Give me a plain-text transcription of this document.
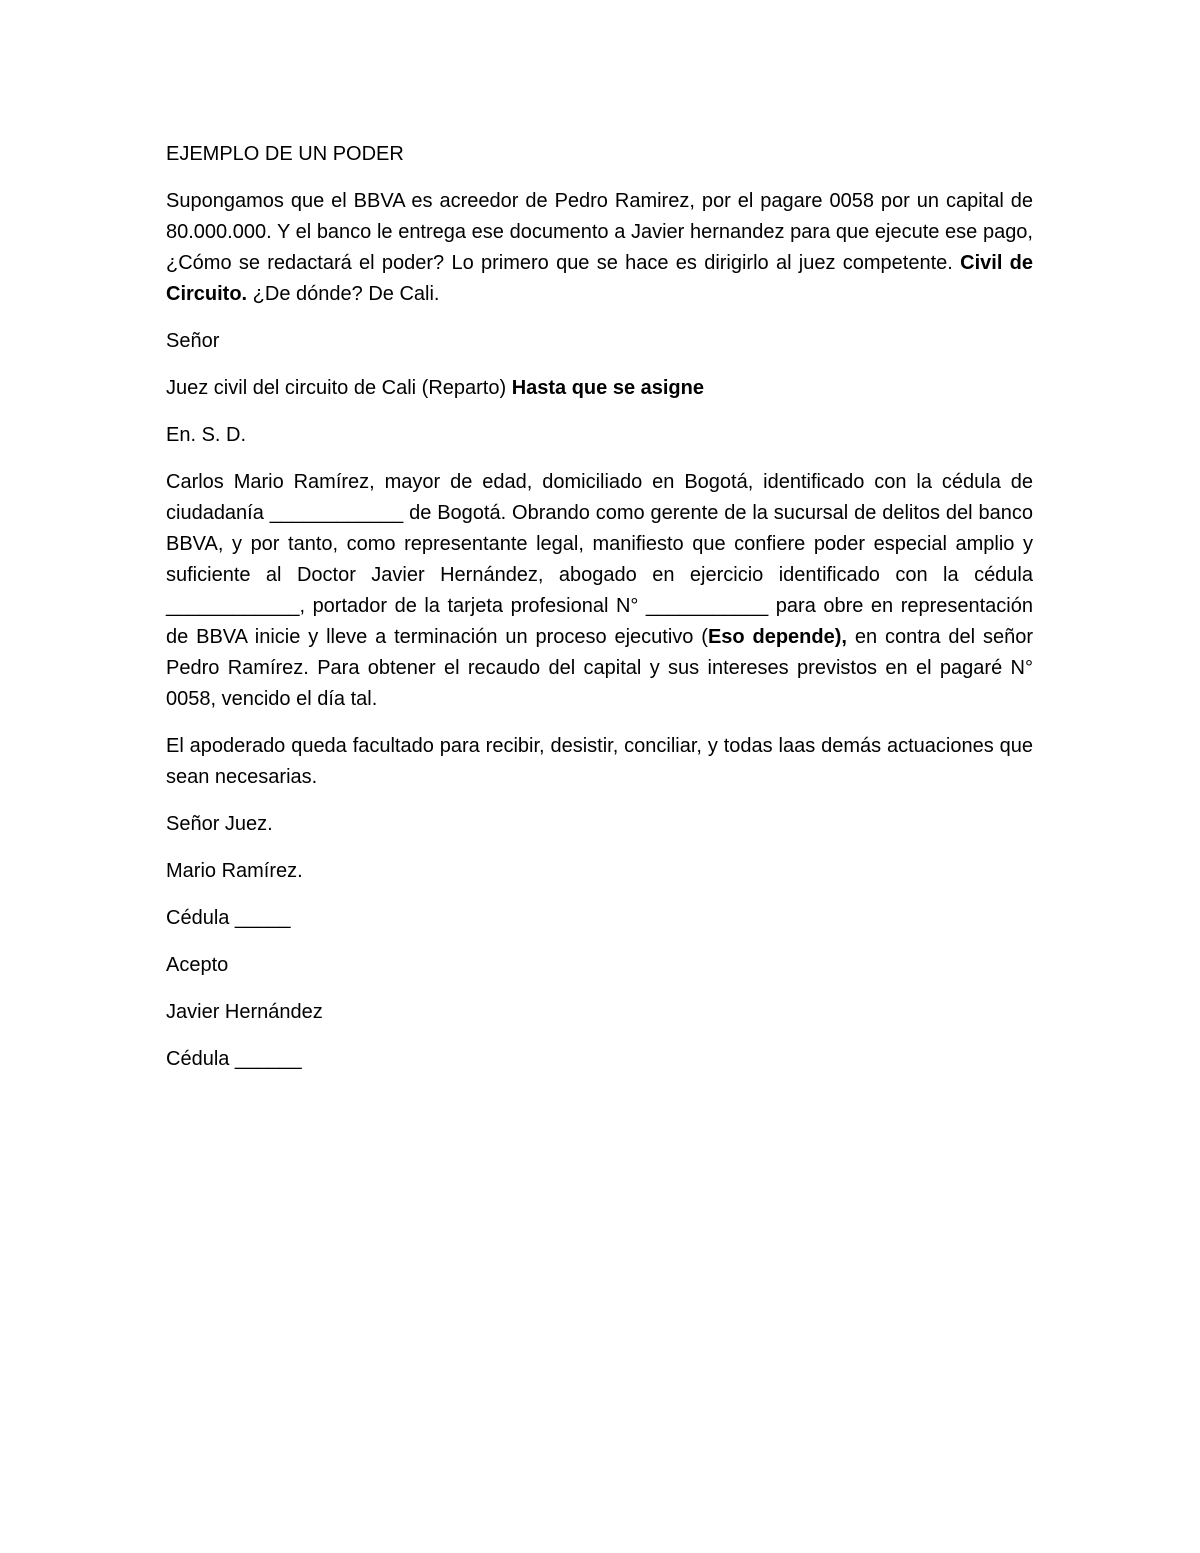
EJEMPLO DE UN PODER

Supongamos que el BBVA es acreedor de Pedro Ramirez, por el pagare 0058 por un capital de 80.000.000. Y el banco le entrega ese documento a Javier hernandez para que ejecute ese pago, ¿Cómo se redactará el poder? Lo primero que se hace es dirigirlo al juez competente. Civil de Circuito. ¿De dónde? De Cali.

Señor

Juez civil del circuito de Cali (Reparto) Hasta que se asigne

En. S. D.

Carlos Mario Ramírez, mayor de edad, domiciliado en Bogotá, identificado con la cédula de ciudadanía ____________ de Bogotá. Obrando como gerente de la sucursal de delitos del banco BBVA, y por tanto, como representante legal, manifiesto que confiere poder especial amplio y suficiente al Doctor Javier Hernández, abogado en ejercicio identificado con la cédula ____________, portador de la tarjeta profesional N° ___________ para obre en representación de BBVA inicie y lleve a terminación un proceso ejecutivo (Eso depende), en contra del señor Pedro Ramírez. Para obtener el recaudo del capital y sus intereses previstos en el pagaré N° 0058, vencido el día tal.

El apoderado queda facultado para recibir, desistir, conciliar, y todas laas demás actuaciones que sean necesarias.

Señor Juez.

Mario Ramírez.

Cédula _____

Acepto

Javier Hernández

Cédula ______
